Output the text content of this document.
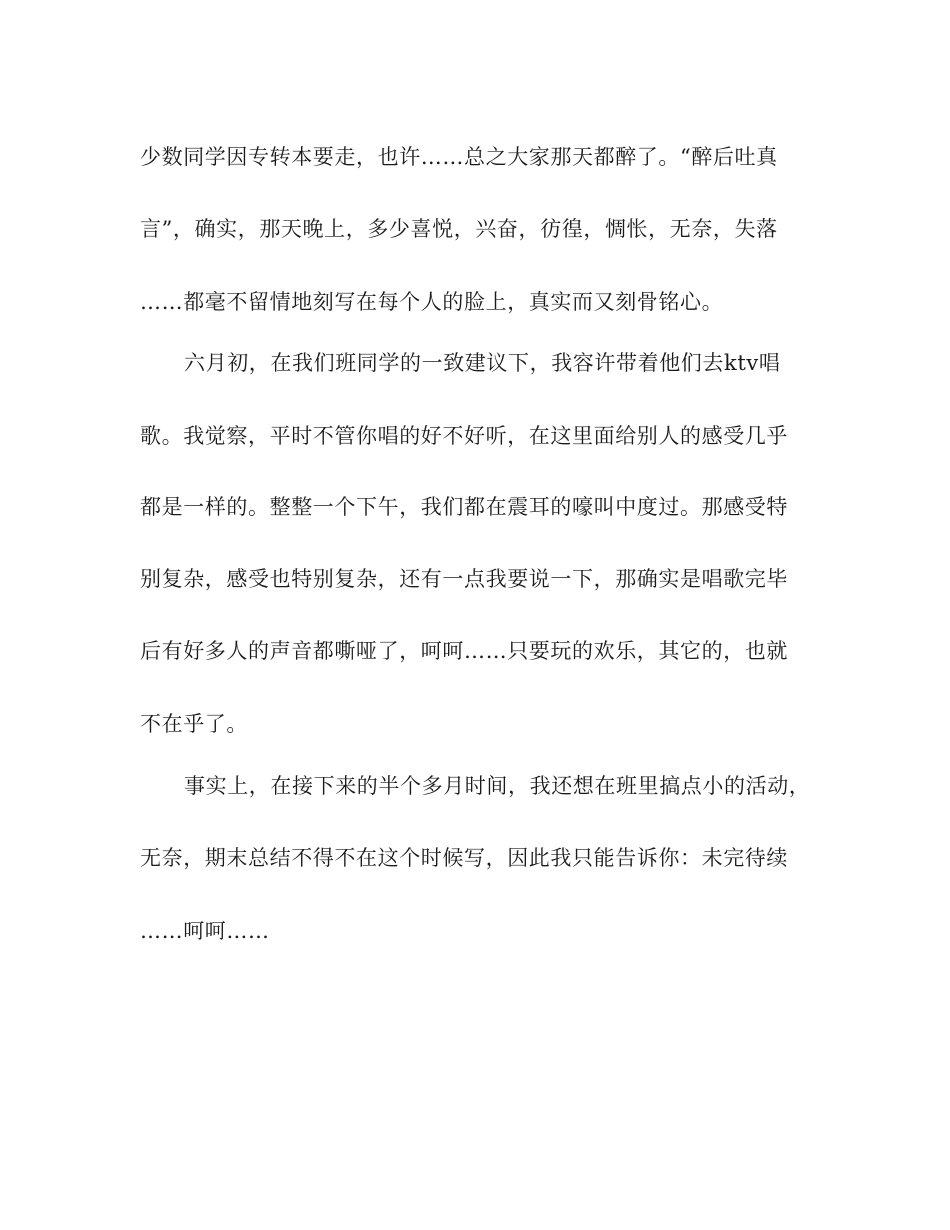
少数同学因专转本要走，也许……总之大家那天都醉了。“醉后吐真
言”，确实，那天晚上，多少喜悦，兴奋，彷徨，惆怅，无奈，失落
……都毫不留情地刻写在每个人的脸上，真实而又刻骨铭心。
六月初，在我们班同学的一致建议下，我容许带着他们去ktv唱
歌。我觉察，平时不管你唱的好不好听，在这里面给别人的感受几乎
都是一样的。整整一个下午，我们都在震耳的嚎叫中度过。那感受特
别复杂，感受也特别复杂，还有一点我要说一下，那确实是唱歌完毕
后有好多人的声音都嘶哑了，呵呵……只要玩的欢乐，其它的，也就
不在乎了。
事实上，在接下来的半个多月时间，我还想在班里搞点小的活动，
无奈，期末总结不得不在这个时候写，因此我只能告诉你：未完待续
……呵呵……
